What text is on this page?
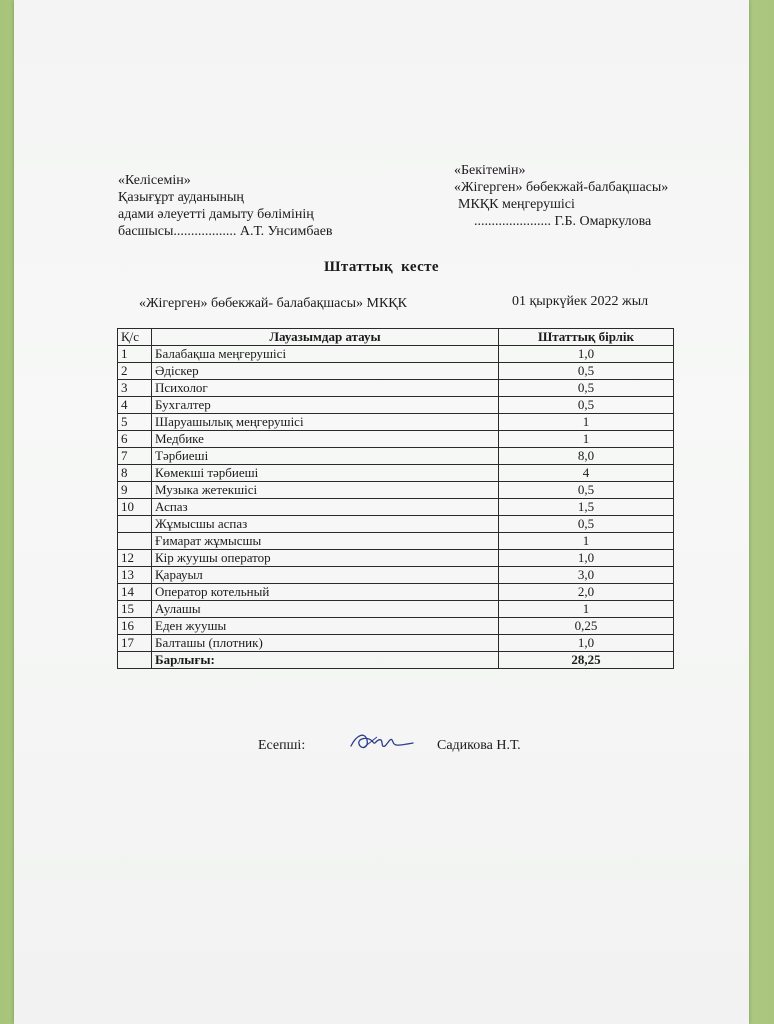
«Келісемін»
Қазығұрт ауданының
адами әлеуетті дамыту бөлімінің
басшысы.................. А.Т. Унсимбаев
«Бекітемін»
«Жігерген» бөбекжай-балбақшасы»
МКҚК меңгерушісі
...................... Г.Б. Омаркулова
Штаттық кесте
«Жігерген» бөбекжай- балабақшасы» МКҚК	01 қыркүйек 2022 жыл
Қ/с	Лауазымдар атауы	Штаттық бірлік
1	Балабақша меңгерушісі	1,0
2	Әдіскер	0,5
3	Психолог	0,5
4	Бухгалтер	0,5
5	Шаруашылық меңгерушісі	1
6	Медбике	1
7	Тәрбиеші	8,0
8	Көмекші тәрбиеші	4
9	Музыка жетекшісі	0,5
10	Аспаз	1,5
	Жұмысшы аспаз	0,5
	Ғимарат жұмысшы	1
12	Кір жуушы оператор	1,0
13	Қарауыл	3,0
14	Оператор котельный	2,0
15	Аулашы	1
16	Еден жуушы	0,25
17	Балташы (плотник)	1,0
	Барлығы:	28,25
Есепші:	Садикова Н.Т.
